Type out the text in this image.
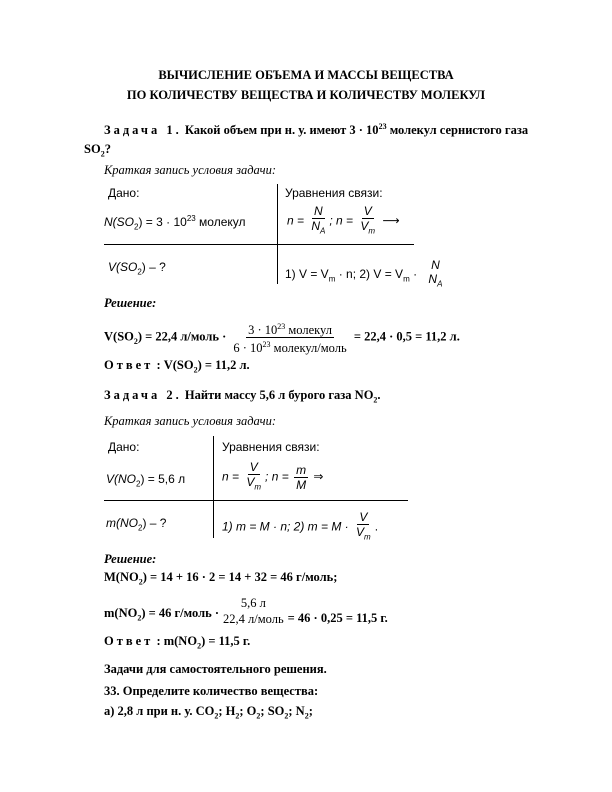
ВЫЧИСЛЕНИЕ ОБЪЕМА И МАССЫ ВЕЩЕСТВА
ПО КОЛИЧЕСТВУ ВЕЩЕСТВА И КОЛИЧЕСТВУ МОЛЕКУЛ
Задача 1. Какой объем при н. у. имеют $3 \cdot 10^{23}$ молекул сернистого газа
$SO_2$?
Краткая запись условия задачи:
Дано:
$N(SO_2) = 3 \cdot 10^{23}$ молекул
$V(SO_2)$ – ?
Уравнения связи:
$n = \frac{N}{N_A}$ ; $n = \frac{V}{V_m}$ ⟶
1) $V = V_m \cdot n$; 2) $V = V_m$ ·
N
$N_A$
Решение:
$V(SO_2) = 22,4$ л/моль · $\frac{3 \cdot 10^{23} молекул}{6 \cdot 10^{23} молекул/моль} = 22,4 \cdot 0,5 = 11,2$ л.
Ответ : $V(SO_2) = 11,2$ л.
Задача 2. Найти массу 5,6 л бурого газа $NO_2$.
Краткая запись условия задачи:
Дано:
$V(NO_2) = 5,6$ л
$m(NO_2)$ – ?
Уравнения связи:
$n = \frac{V}{V_m}$ ; $n = \frac{m}{M}$ ⇒
1) m = M · n; 2) $m = M \cdot \frac{V}{V_m}$ .
Решение:
$M(NO_2) = 14 + 16 \cdot 2 = 14 + 32 = 46$ г/моль;
$m(NO_2) = 46$ г/моль ·
5,6 л
22,4 л/моль = 46 · 0,25 = 11,5 г.
Ответ : $m(NO_2) = 11,5$ г.
Задачи для самостоятельного решения.
33. Определите количество вещества:
а) 2,8 л при н. у. $CO_2$; $H_2$; $O_2$; $SO_2$; $N_2$;
